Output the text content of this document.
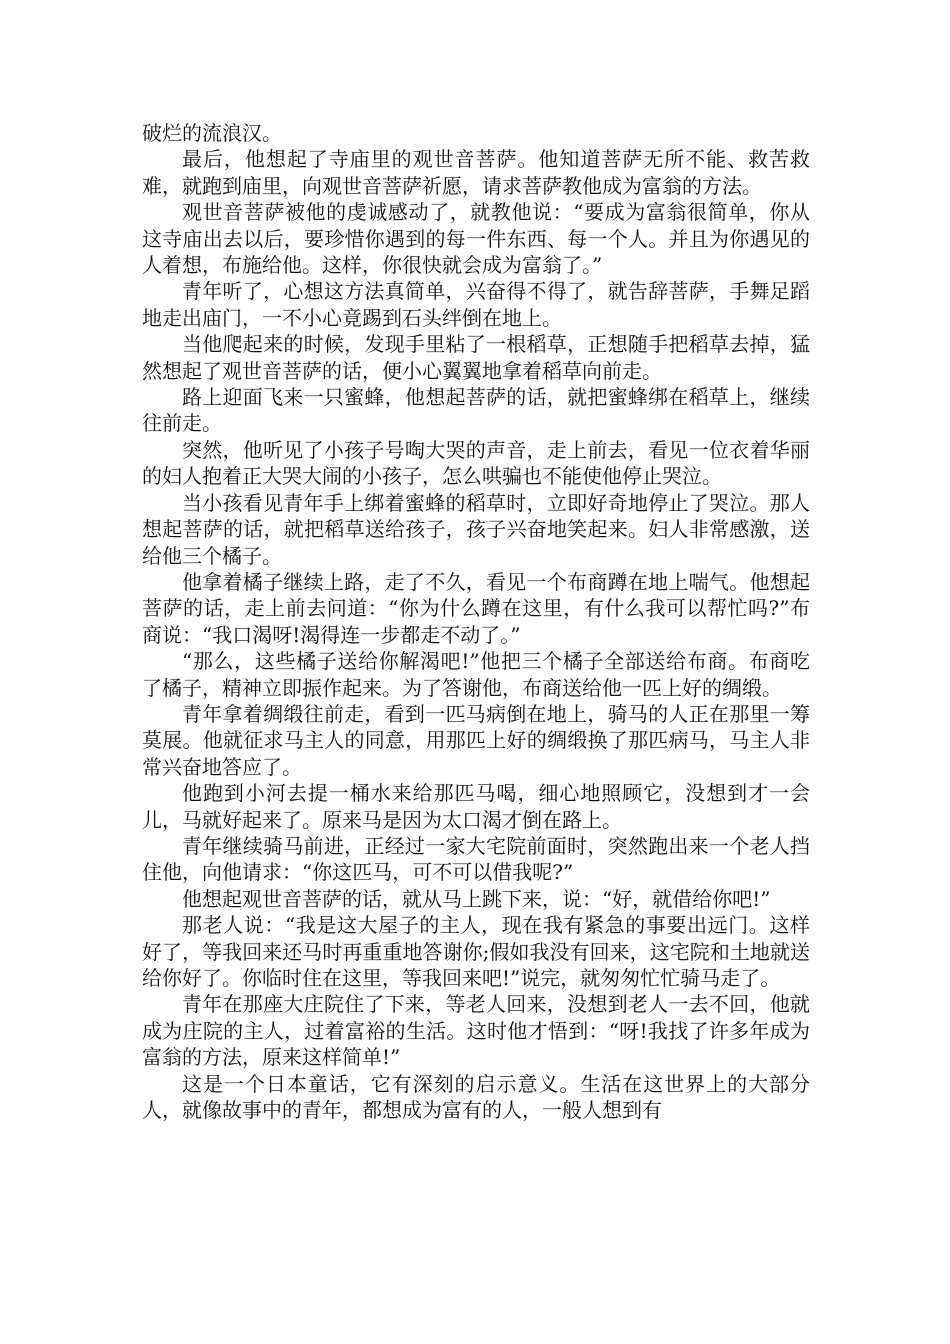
破烂的流浪汉。

最后，他想起了寺庙里的观世音菩萨。他知道菩萨无所不能、救苦救难，就跑到庙里，向观世音菩萨祈愿，请求菩萨教他成为富翁的方法。

观世音菩萨被他的虔诚感动了，就教他说：“要成为富翁很简单，你从这寺庙出去以后，要珍惜你遇到的每一件东西、每一个人。并且为你遇见的人着想，布施给他。这样，你很快就会成为富翁了。”

青年听了，心想这方法真简单，兴奋得不得了，就告辞菩萨，手舞足蹈地走出庙门，一不小心竟踢到石头绊倒在地上。

当他爬起来的时候，发现手里粘了一根稻草，正想随手把稻草去掉，猛然想起了观世音菩萨的话，便小心翼翼地拿着稻草向前走。

路上迎面飞来一只蜜蜂，他想起菩萨的话，就把蜜蜂绑在稻草上，继续往前走。

突然，他听见了小孩子号啕大哭的声音，走上前去，看见一位衣着华丽的妇人抱着正大哭大闹的小孩子，怎么哄骗也不能使他停止哭泣。

当小孩看见青年手上绑着蜜蜂的稻草时，立即好奇地停止了哭泣。那人想起菩萨的话，就把稻草送给孩子，孩子兴奋地笑起来。妇人非常感激，送给他三个橘子。

他拿着橘子继续上路，走了不久，看见一个布商蹲在地上喘气。他想起菩萨的话，走上前去问道：“你为什么蹲在这里，有什么我可以帮忙吗?”布商说：“我口渴呀!渴得连一步都走不动了。”

“那么，这些橘子送给你解渴吧!”他把三个橘子全部送给布商。布商吃了橘子，精神立即振作起来。为了答谢他，布商送给他一匹上好的绸缎。

青年拿着绸缎往前走，看到一匹马病倒在地上，骑马的人正在那里一筹莫展。他就征求马主人的同意，用那匹上好的绸缎换了那匹病马，马主人非常兴奋地答应了。

他跑到小河去提一桶水来给那匹马喝，细心地照顾它，没想到才一会儿，马就好起来了。原来马是因为太口渴才倒在路上。

青年继续骑马前进，正经过一家大宅院前面时，突然跑出来一个老人挡住他，向他请求：“你这匹马，可不可以借我呢?”

他想起观世音菩萨的话，就从马上跳下来，说：“好，就借给你吧!”

那老人说：“我是这大屋子的主人，现在我有紧急的事要出远门。这样好了，等我回来还马时再重重地答谢你;假如我没有回来，这宅院和土地就送给你好了。你临时住在这里，等我回来吧!”说完，就匆匆忙忙骑马走了。

青年在那座大庄院住了下来，等老人回来，没想到老人一去不回，他就成为庄院的主人，过着富裕的生活。这时他才悟到：“呀!我找了许多年成为富翁的方法，原来这样简单!”

这是一个日本童话，它有深刻的启示意义。生活在这世界上的大部分人，就像故事中的青年，都想成为富有的人，一般人想到有
